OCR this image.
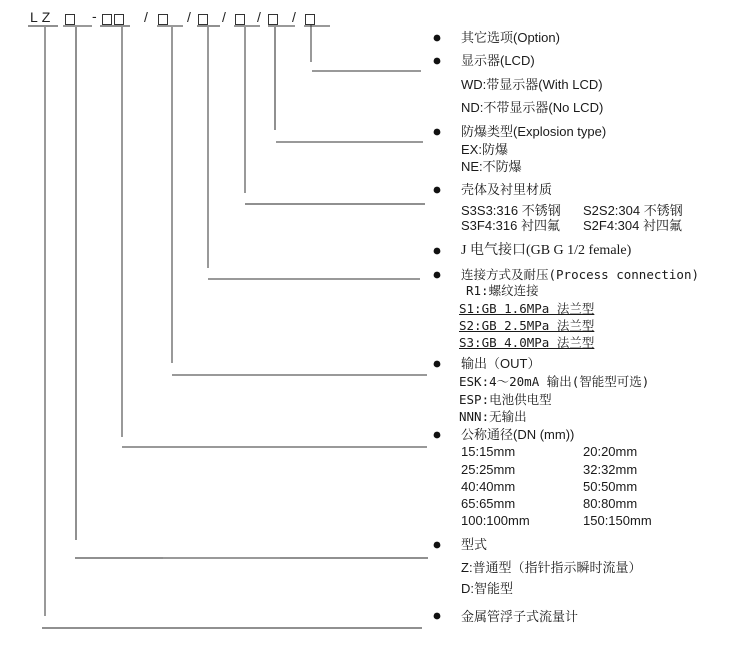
LZ	-	/	/ / / /
其它选项(Option)
显示器(LCD)
WD:带显示器(With LCD)
ND:不带显示器(No LCD)
防爆类型(Explosion type)
EX:防爆
NE:不防爆
壳体及衬里材质
S3S3:316 不锈钢 S2S2:304 不锈钢
S3F4:316 衬四氟 S2F4:304 衬四氟
J 电气接口(GB G 1/2 female)
连接方式及耐压(Process connection)
R1:螺纹连接
S1:GB 1.6MPa 法兰型
S2:GB 2.5MPa 法兰型
S3:GB 4.0MPa 法兰型
输出（OUT）
ESK:4～20mA 输出(智能型可选)
ESP:电池供电型
NNN:无输出
公称通径(DN (mm))
15:15mm	20:20mm
25:25mm	32:32mm
40:40mm	50:50mm
65:65mm	80:80mm
100:100mm	150:150mm
型式
Z:普通型（指针指示瞬时流量）
D:智能型
金属管浮子式流量计
